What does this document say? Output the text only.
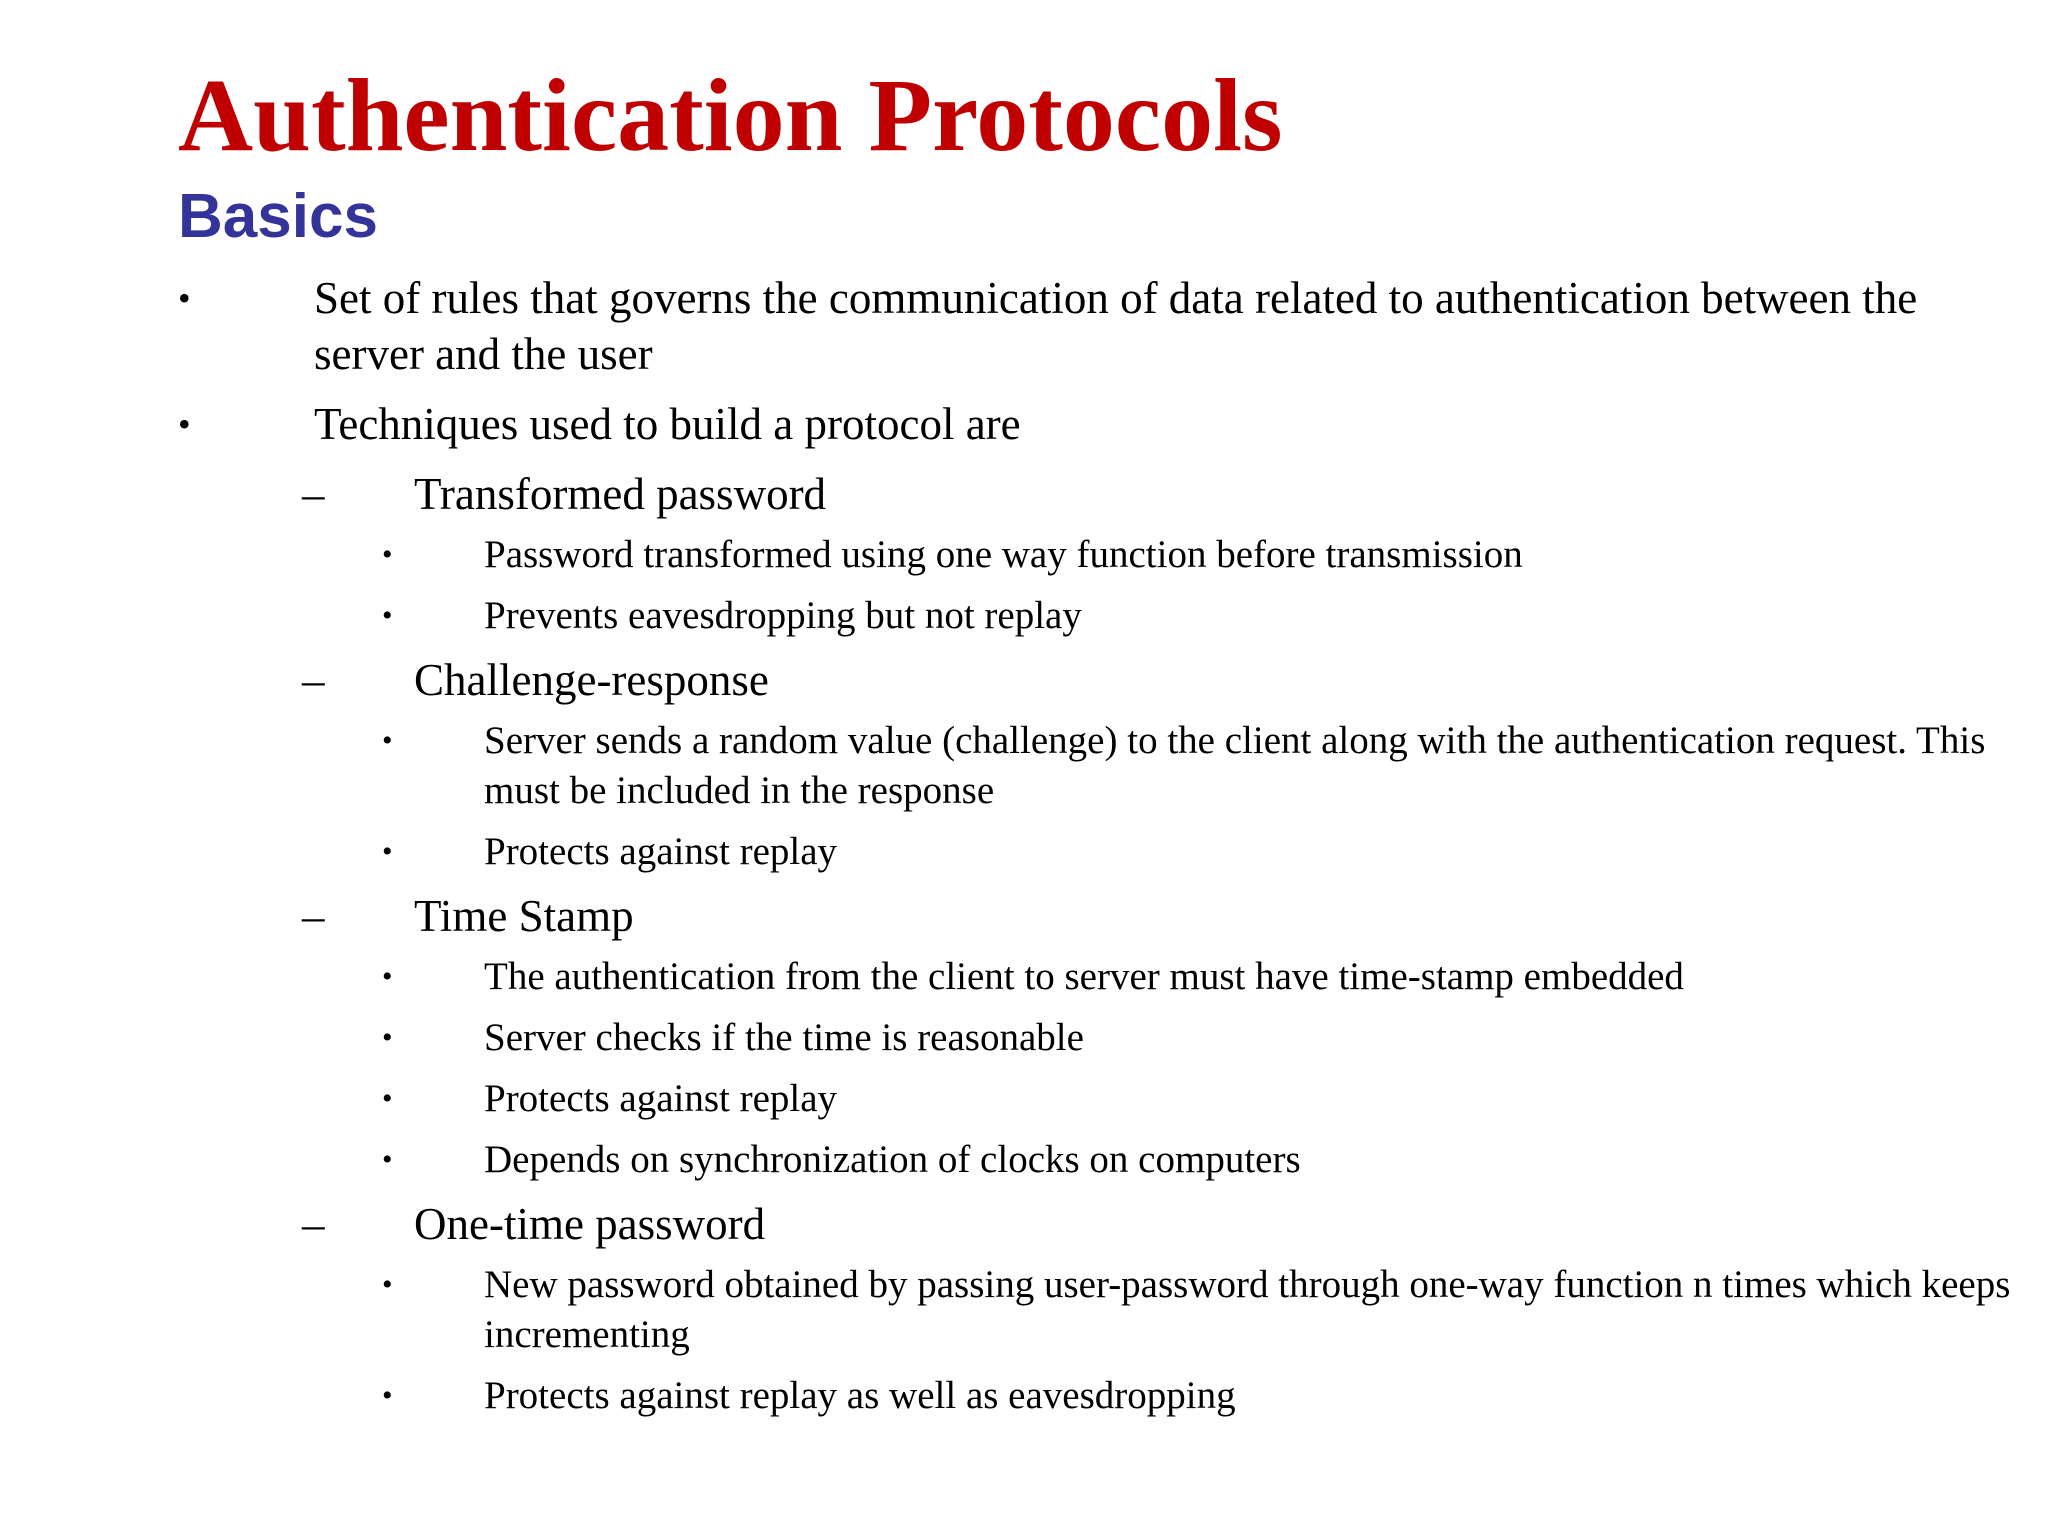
Authentication Protocols
Basics
•	Set of rules that governs the communication of data related to authentication between the server and the user
•	Techniques used to build a protocol are
–	Transformed password
•	Password transformed using one way function before transmission
•	Prevents eavesdropping but not replay
–	Challenge-response
•	Server sends a random value (challenge) to the client along with the authentication request. This must be included in the response
•	Protects against replay
–	Time Stamp
•	The authentication from the client to server must have time-stamp embedded
•	Server checks if the time is reasonable
•	Protects against replay
•	Depends on synchronization of clocks on computers
–	One-time password
•	New password obtained by passing user-password through one-way function n times which keeps incrementing
•	Protects against replay as well as eavesdropping
